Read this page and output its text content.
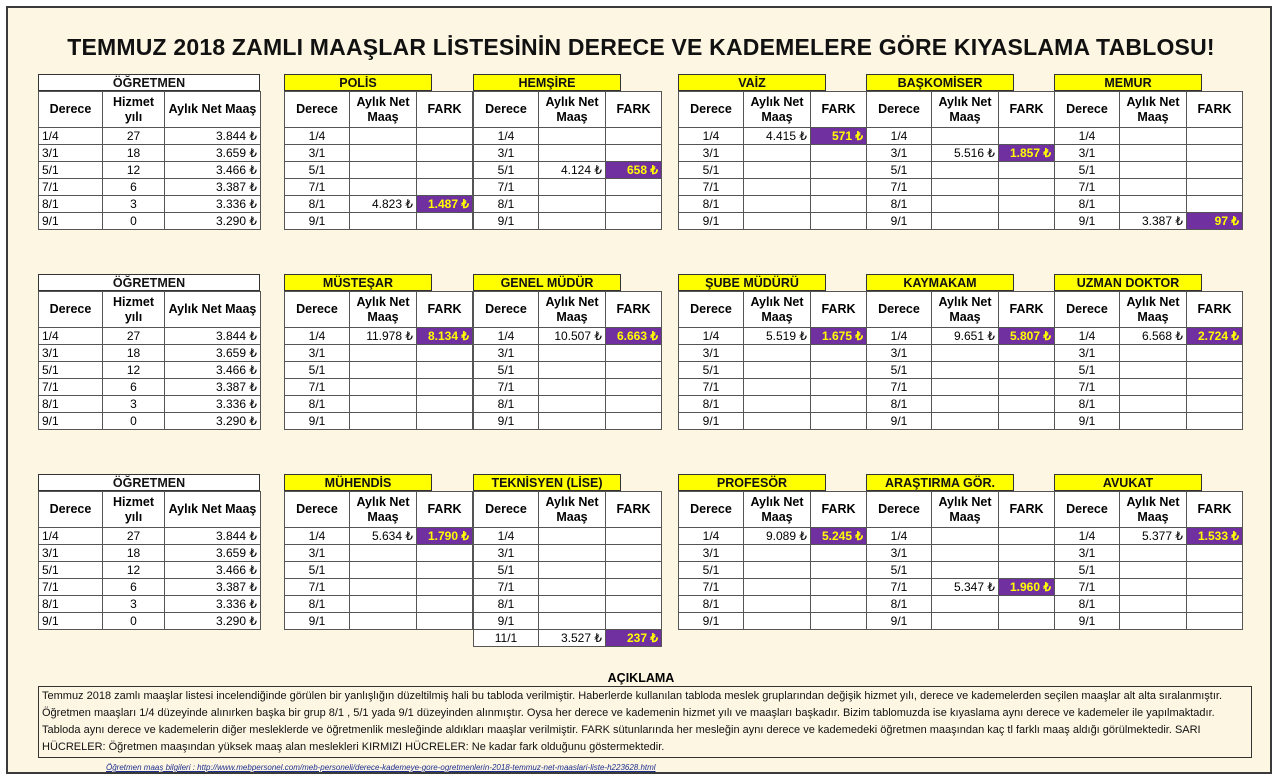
TEMMUZ 2018 ZAMLI MAAŞLAR LİSTESİNİN DERECE VE KADEMELERE GÖRE KIYASLAMA TABLOSU!
ÖĞRETMEN
Derece	Hizmet yılı	Aylık Net Maaş
1/4	27	3.844 ₺
3/1	18	3.659 ₺
5/1	12	3.466 ₺
7/1	6	3.387 ₺
8/1	3	3.336 ₺
9/1	0	3.290 ₺
POLİS
Derece	Aylık Net Maaş	FARK
1/4		
3/1		
5/1		
7/1		
8/1	4.823 ₺	1.487 ₺
9/1		
HEMŞİRE
Derece	Aylık Net Maaş	FARK
1/4		
3/1		
5/1	4.124 ₺	658 ₺
7/1		
8/1		
9/1		
VAİZ
Derece	Aylık Net Maaş	FARK
1/4	4.415 ₺	571 ₺
3/1		
5/1		
7/1		
8/1		
9/1		
BAŞKOMİSER
Derece	Aylık Net Maaş	FARK
1/4		
3/1	5.516 ₺	1.857 ₺
5/1		
7/1		
8/1		
9/1		
MEMUR
Derece	Aylık Net Maaş	FARK
1/4		
3/1		
5/1		
7/1		
8/1		
9/1	3.387 ₺	97 ₺
ÖĞRETMEN
Derece	Hizmet yılı	Aylık Net Maaş
1/4	27	3.844 ₺
3/1	18	3.659 ₺
5/1	12	3.466 ₺
7/1	6	3.387 ₺
8/1	3	3.336 ₺
9/1	0	3.290 ₺
MÜSTEŞAR
Derece	Aylık Net Maaş	FARK
1/4	11.978 ₺	8.134 ₺
3/1		
5/1		
7/1		
8/1		
9/1		
GENEL MÜDÜR
Derece	Aylık Net Maaş	FARK
1/4	10.507 ₺	6.663 ₺
3/1		
5/1		
7/1		
8/1		
9/1		
ŞUBE MÜDÜRÜ
Derece	Aylık Net Maaş	FARK
1/4	5.519 ₺	1.675 ₺
3/1		
5/1		
7/1		
8/1		
9/1		
KAYMAKAM
Derece	Aylık Net Maaş	FARK
1/4	9.651 ₺	5.807 ₺
3/1		
5/1		
7/1		
8/1		
9/1		
UZMAN DOKTOR
Derece	Aylık Net Maaş	FARK
1/4	6.568 ₺	2.724 ₺
3/1		
5/1		
7/1		
8/1		
9/1		
ÖĞRETMEN
Derece	Hizmet yılı	Aylık Net Maaş
1/4	27	3.844 ₺
3/1	18	3.659 ₺
5/1	12	3.466 ₺
7/1	6	3.387 ₺
8/1	3	3.336 ₺
9/1	0	3.290 ₺
MÜHENDİS
Derece	Aylık Net Maaş	FARK
1/4	5.634 ₺	1.790 ₺
3/1		
5/1		
7/1		
8/1		
9/1		
TEKNİSYEN (LİSE)
Derece	Aylık Net Maaş	FARK
1/4		
3/1		
5/1		
7/1		
8/1		
9/1		
11/1	3.527 ₺	237 ₺
PROFESÖR
Derece	Aylık Net Maaş	FARK
1/4	9.089 ₺	5.245 ₺
3/1		
5/1		
7/1		
8/1		
9/1		
ARAŞTIRMA GÖR.
Derece	Aylık Net Maaş	FARK
1/4		
3/1		
5/1		
7/1	5.347 ₺	1.960 ₺
8/1		
9/1		
AVUKAT
Derece	Aylık Net Maaş	FARK
1/4	5.377 ₺	1.533 ₺
3/1		
5/1		
7/1		
8/1		
9/1		
AÇIKLAMA
Temmuz 2018 zamlı maaşlar listesi incelendiğinde görülen bir yanlışlığın düzeltilmiş hali bu tabloda verilmiştir. Haberlerde kullanılan tabloda meslek gruplarından değişik hizmet yılı, derece ve kademelerden seçilen maaşlar alt alta sıralanmıştır. Öğretmen maaşları 1/4 düzeyinde alınırken başka bir grup 8/1 , 5/1 yada 9/1 düzeyinden alınmıştır. Oysa her derece ve kademenin hizmet yılı ve maaşları başkadır. Bizim tablomuzda ise kıyaslama aynı derece ve kademeler ile yapılmaktadır. Tabloda aynı derece ve kademelerin diğer mesleklerde ve öğretmenlik mesleğinde aldıkları maaşlar verilmiştir. FARK sütunlarında her mesleğin aynı derece ve kademedeki öğretmen maaşından kaç tl farklı maaş aldığı görülmektedir. SARI HÜCRELER: Öğretmen maaşından yüksek maaş alan meslekleri KIRMIZI HÜCRELER: Ne kadar fark olduğunu göstermektedir.
Öğretmen maaş bilgileri : http://www.mebpersonel.com/meb-personeli/derece-kademeye-gore-ogretmenlerin-2018-temmuz-net-maaslari-liste-h223628.html
